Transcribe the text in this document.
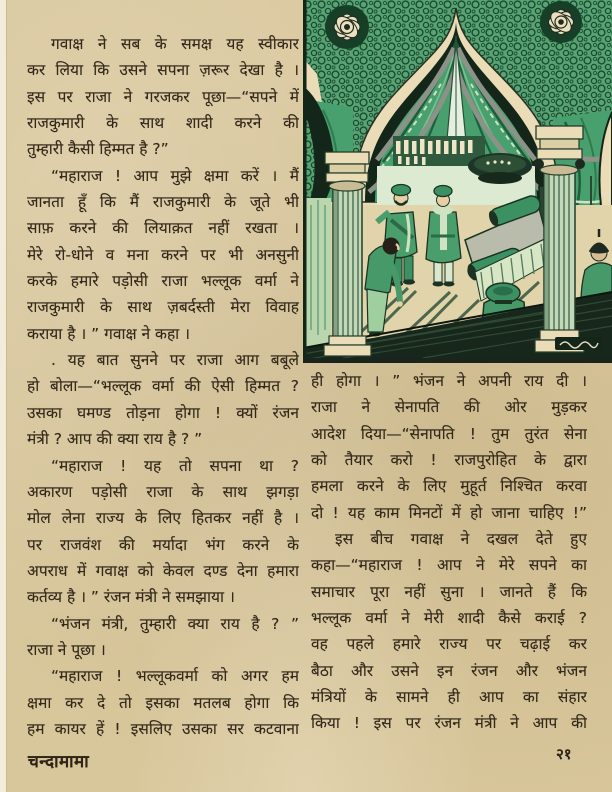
गवाक्ष ने सब के समक्ष यह स्वीकार
कर लिया कि उसने सपना ज़रूर देखा है ।
इस पर राजा ने गरजकर पूछा—“सपने में
राजकुमारी के साथ शादी करने की
तुम्हारी कैसी हिम्मत है ?”
“महाराज ! आप मुझे क्षमा करें । मैं
जानता हूँ कि मैं राजकुमारी के जूते भी
साफ़ करने की लियाक़त नहीं रखता ।
मेरे रो-धोने व मना करने पर भी अनसुनी
करके हमारे पड़ोसी राजा भल्लूक वर्मा ने
राजकुमारी के साथ ज़बर्दस्ती मेरा विवाह
कराया है । ” गवाक्ष ने कहा ।
. यह बात सुनने पर राजा आग बबूले
हो बोला—“भल्लूक वर्मा की ऐसी हिम्मत ?
उसका घमण्ड तोड़ना होगा ! क्यों रंजन
मंत्री ? आप की क्या राय है ? ”
“महाराज ! यह तो सपना था ?
अकारण पड़ोसी राजा के साथ झगड़ा
मोल लेना राज्य के लिए हितकर नहीं है ।
पर राजवंश की मर्यादा भंग करने के
अपराध में गवाक्ष को केवल दण्ड देना हमारा
कर्तव्य है । ” रंजन मंत्री ने समझाया ।
“भंजन मंत्री, तुम्हारी क्या राय है ? ”
राजा ने पूछा ।
“महाराज ! भल्लूकवर्मा को अगर हम
क्षमा कर दे तो इसका मतलब होगा कि
हम कायर हें ! इसलिए उसका सर कटवाना
ही होगा । ” भंजन ने अपनी राय दी ।
राजा ने सेनापति की ओर मुड़कर
आदेश दिया—“सेनापति ! तुम तुरंत सेना
को तैयार करो ! राजपुरोहित के द्वारा
हमला करने के लिए मुहूर्त निश्चित करवा
दो ! यह काम मिनटों में हो जाना चाहिए !”
इस बीच गवाक्ष ने दखल देते हुए
कहा—“महाराज ! आप ने मेरे सपने का
समाचार पूरा नहीं सुना । जानते हैं कि
भल्लूक वर्मा ने मेरी शादी कैसे कराई ?
वह पहले हमारे राज्य पर चढ़ाई कर
बैठा और उसने इन रंजन और भंजन
मंत्रियों के सामने ही आप का संहार
किया ! इस पर रंजन मंत्री ने आप की
चन्दामामा	२१
